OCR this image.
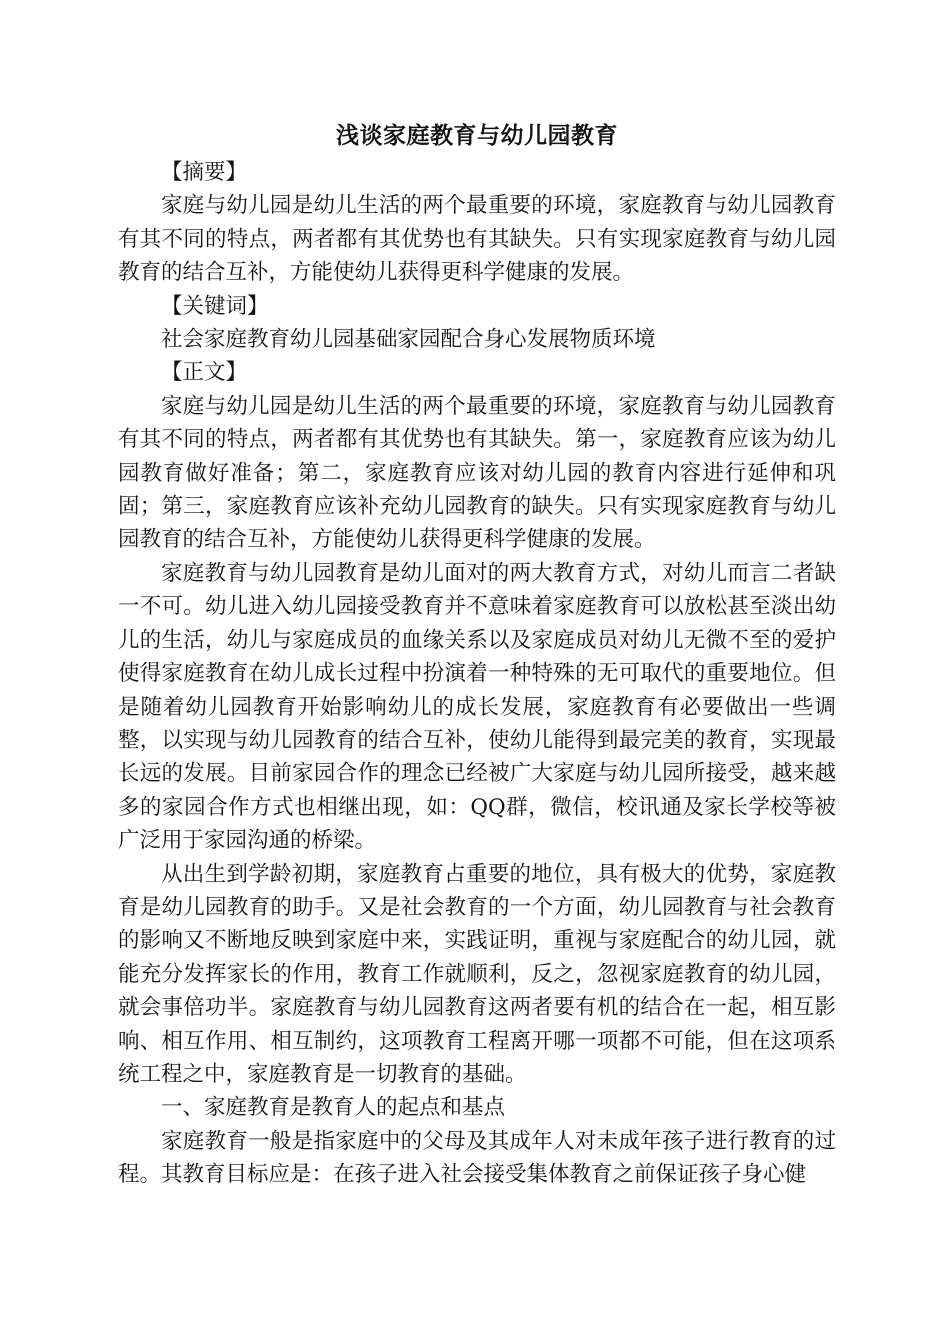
浅谈家庭教育与幼儿园教育

【摘要】

家庭与幼儿园是幼儿生活的两个最重要的环境，家庭教育与幼儿园教育有其不同的特点，两者都有其优势也有其缺失。只有实现家庭教育与幼儿园教育的结合互补，方能使幼儿获得更科学健康的发展。

【关键词】

社会家庭教育幼儿园基础家园配合身心发展物质环境

【正文】

家庭与幼儿园是幼儿生活的两个最重要的环境，家庭教育与幼儿园教育有其不同的特点，两者都有其优势也有其缺失。第一，家庭教育应该为幼儿园教育做好准备；第二，家庭教育应该对幼儿园的教育内容进行延伸和巩固；第三，家庭教育应该补充幼儿园教育的缺失。只有实现家庭教育与幼儿园教育的结合互补，方能使幼儿获得更科学健康的发展。

家庭教育与幼儿园教育是幼儿面对的两大教育方式，对幼儿而言二者缺一不可。幼儿进入幼儿园接受教育并不意味着家庭教育可以放松甚至淡出幼儿的生活，幼儿与家庭成员的血缘关系以及家庭成员对幼儿无微不至的爱护使得家庭教育在幼儿成长过程中扮演着一种特殊的无可取代的重要地位。但是随着幼儿园教育开始影响幼儿的成长发展，家庭教育有必要做出一些调整，以实现与幼儿园教育的结合互补，使幼儿能得到最完美的教育，实现最长远的发展。目前家园合作的理念已经被广大家庭与幼儿园所接受，越来越多的家园合作方式也相继出现，如：QQ群，微信，校讯通及家长学校等被广泛用于家园沟通的桥梁。

从出生到学龄初期，家庭教育占重要的地位，具有极大的优势，家庭教育是幼儿园教育的助手。又是社会教育的一个方面，幼儿园教育与社会教育的影响又不断地反映到家庭中来，实践证明，重视与家庭配合的幼儿园，就能充分发挥家长的作用，教育工作就顺利，反之，忽视家庭教育的幼儿园，就会事倍功半。家庭教育与幼儿园教育这两者要有机的结合在一起，相互影响、相互作用、相互制约，这项教育工程离开哪一项都不可能，但在这项系统工程之中，家庭教育是一切教育的基础。

一、家庭教育是教育人的起点和基点

家庭教育一般是指家庭中的父母及其成年人对未成年孩子进行教育的过程。其教育目标应是：在孩子进入社会接受集体教育之前保证孩子身心健
